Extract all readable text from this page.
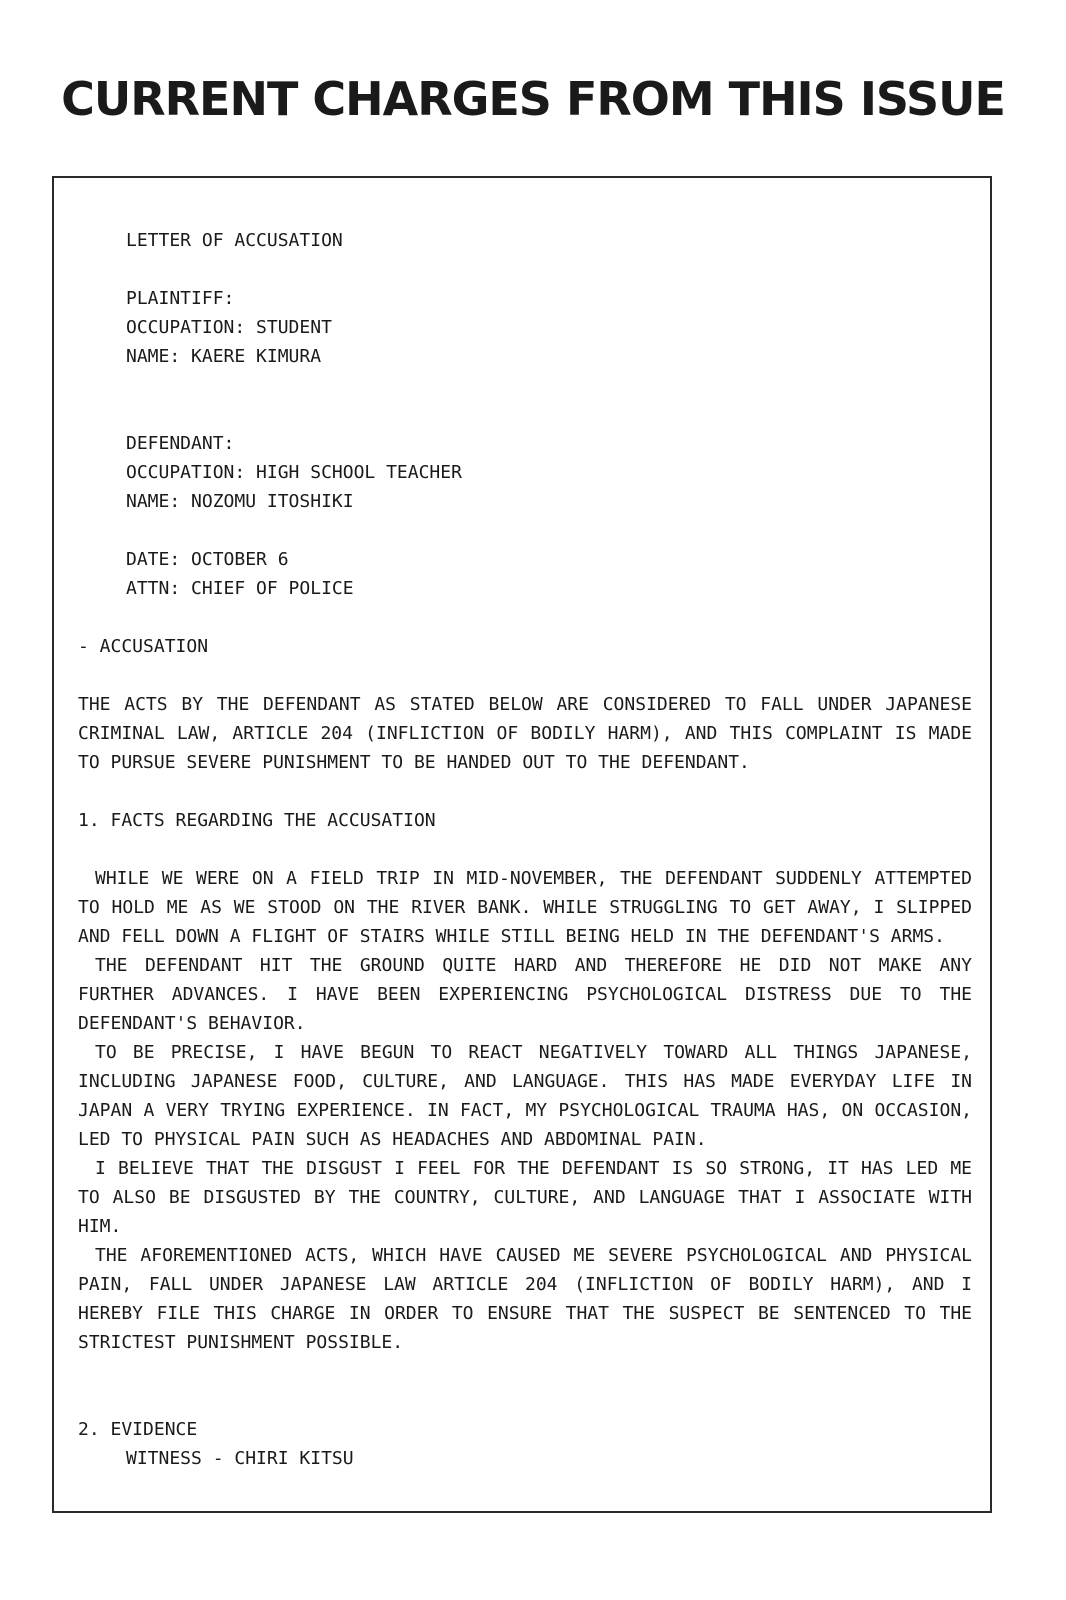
CURRENT CHARGES FROM THIS ISSUE

LETTER OF ACCUSATION

PLAINTIFF:

OCCUPATION: STUDENT

NAME: KAERE KIMURA

DEFENDANT:

OCCUPATION: HIGH SCHOOL TEACHER

NAME: NOZOMU ITOSHIKI

DATE: OCTOBER 6

ATTN: CHIEF OF POLICE

- ACCUSATION

THE ACTS BY THE DEFENDANT AS STATED BELOW ARE CONSIDERED TO FALL UNDER JAPANESE CRIMINAL LAW, ARTICLE 204 (INFLICTION OF BODILY HARM), AND THIS COMPLAINT IS MADE TO PURSUE SEVERE PUNISHMENT TO BE HANDED OUT TO THE DEFENDANT.

1. FACTS REGARDING THE ACCUSATION

WHILE WE WERE ON A FIELD TRIP IN MID-NOVEMBER, THE DEFENDANT SUDDENLY ATTEMPTED TO HOLD ME AS WE STOOD ON THE RIVER BANK. WHILE STRUGGLING TO GET AWAY, I SLIPPED AND FELL DOWN A FLIGHT OF STAIRS WHILE STILL BEING HELD IN THE DEFENDANT'S ARMS.

THE DEFENDANT HIT THE GROUND QUITE HARD AND THEREFORE HE DID NOT MAKE ANY FURTHER ADVANCES. I HAVE BEEN EXPERIENCING PSYCHOLOGICAL DISTRESS DUE TO THE DEFENDANT'S BEHAVIOR.

TO BE PRECISE, I HAVE BEGUN TO REACT NEGATIVELY TOWARD ALL THINGS JAPANESE, INCLUDING JAPANESE FOOD, CULTURE, AND LANGUAGE. THIS HAS MADE EVERYDAY LIFE IN JAPAN A VERY TRYING EXPERIENCE. IN FACT, MY PSYCHOLOGICAL TRAUMA HAS, ON OCCASION, LED TO PHYSICAL PAIN SUCH AS HEADACHES AND ABDOMINAL PAIN.

I BELIEVE THAT THE DISGUST I FEEL FOR THE DEFENDANT IS SO STRONG, IT HAS LED ME TO ALSO BE DISGUSTED BY THE COUNTRY, CULTURE, AND LANGUAGE THAT I ASSOCIATE WITH HIM.

THE AFOREMENTIONED ACTS, WHICH HAVE CAUSED ME SEVERE PSYCHOLOGICAL AND PHYSICAL PAIN, FALL UNDER JAPANESE LAW ARTICLE 204 (INFLICTION OF BODILY HARM), AND I HEREBY FILE THIS CHARGE IN ORDER TO ENSURE THAT THE SUSPECT BE SENTENCED TO THE STRICTEST PUNISHMENT POSSIBLE.

2. EVIDENCE

WITNESS - CHIRI KITSU
